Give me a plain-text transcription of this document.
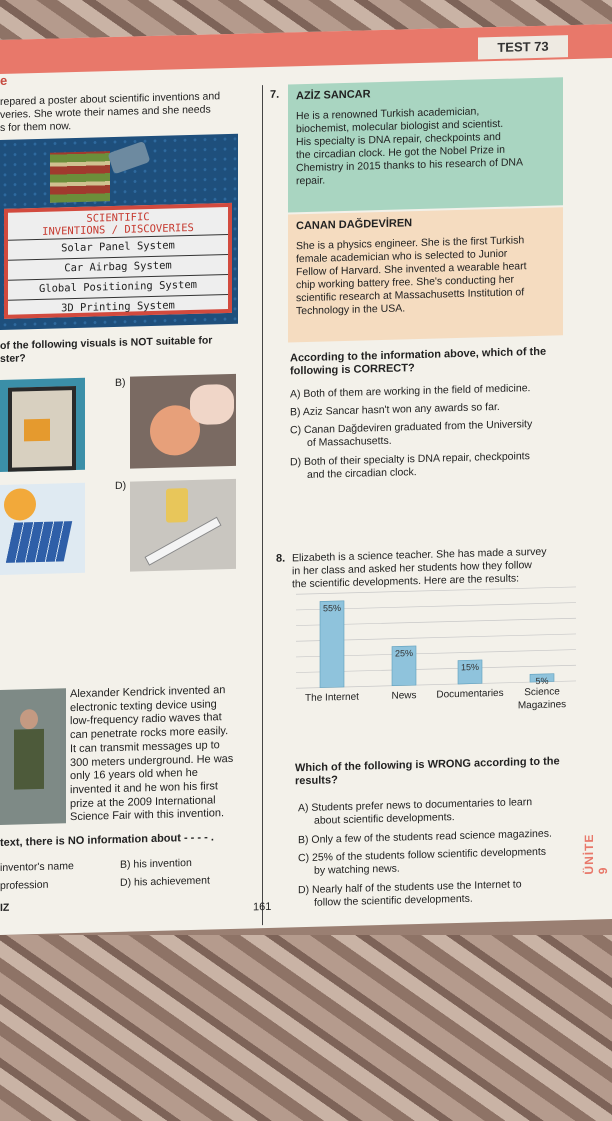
TEST 73
e
repared a poster about scientific inventions and
veries. She wrote their names and she needs
s for them now.
SCIENTIFIC
INVENTIONS / DISCOVERIES
Solar Panel System
Car Airbag System
Global Positioning System
3D Printing System
of the following visuals is NOT suitable for
ster?
B)
D)
Alexander Kendrick invented an
electronic texting device using
low-frequency radio waves that
can penetrate rocks more easily.
It can transmit messages up to
300 meters underground. He was
only 16 years old when he
invented it and he won his first
prize at the 2009 International
Science Fair with this invention.
text, there is NO information about - - - - .
inventor's name	B) his invention
profession	D) his achievement
IZ
7. AZİZ SANCAR
He is a renowned Turkish academician,
biochemist, molecular biologist and scientist.
His specialty is DNA repair, checkpoints and
the circadian clock. He got the Nobel Prize in
Chemistry in 2015 thanks to his research of DNA
repair.
CANAN DAĞDEVİREN
She is a physics engineer. She is the first Turkish
female academician who is selected to Junior
Fellow of Harvard. She invented a wearable heart
chip working battery free. She's conducting her
scientific research at Massachusetts Institution of
Technology in the USA.
According to the information above, which of the
following is CORRECT?
A) Both of them are working in the field of medicine.
B) Aziz Sancar hasn't won any awards so far.
C) Canan Dağdeviren graduated from the University
of Massachusetts.
D) Both of their specialty is DNA repair, checkpoints
and the circadian clock.
8. Elizabeth is a science teacher. She has made a survey
in her class and asked her students how they follow
the scientific developments. Here are the results:
55%
The Internet
25%
News
15%
Documentaries
5%
Science
Magazines
Which of the following is WRONG according to the
results?
A) Students prefer news to documentaries to learn
about scientific developments.
B) Only a few of the students read science magazines.
C) 25% of the students follow scientific developments
by watching news.
D) Nearly half of the students use the Internet to
follow the scientific developments.
161
ÜNİTE 9
